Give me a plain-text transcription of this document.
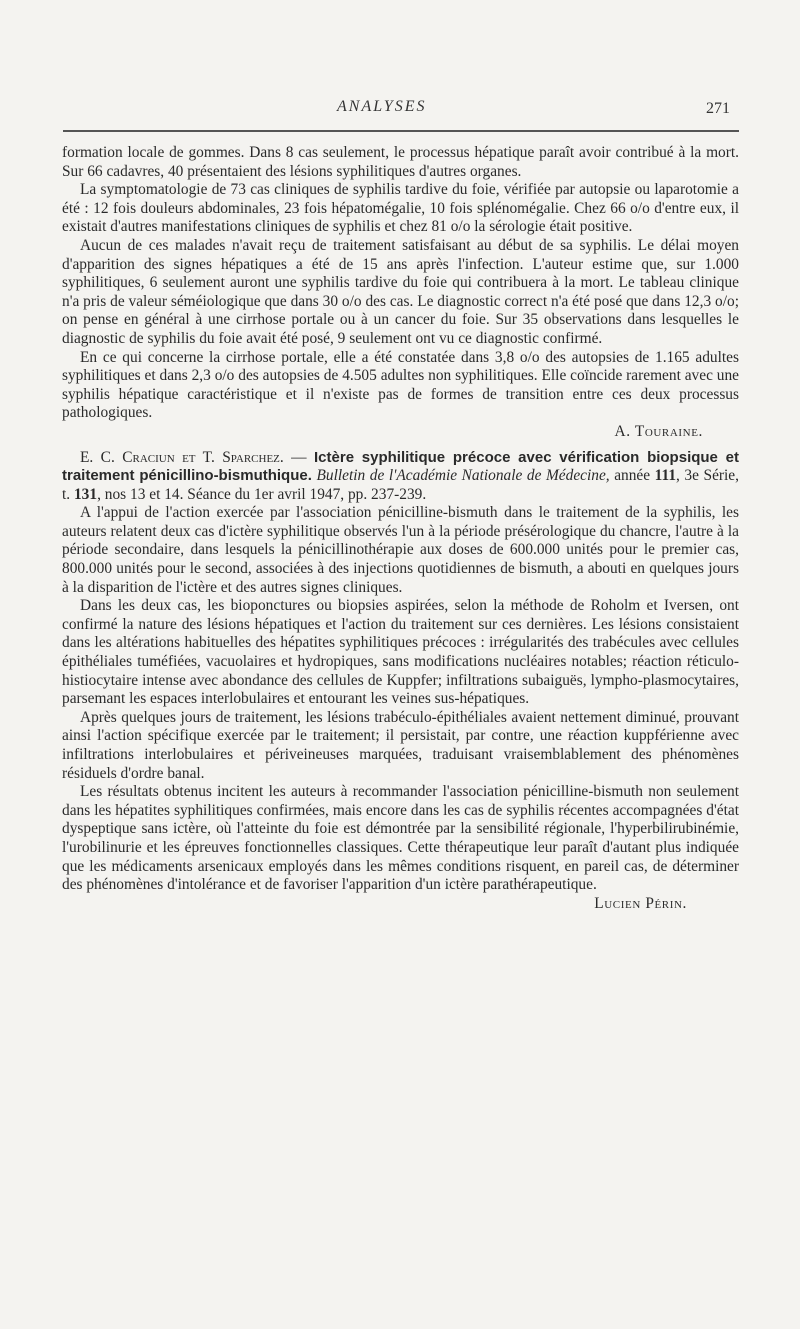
ANALYSES	271

formation locale de gommes. Dans 8 cas seulement, le processus hépatique paraît avoir contribué à la mort. Sur 66 cadavres, 40 présentaient des lésions syphilitiques d'autres organes.

La symptomatologie de 73 cas cliniques de syphilis tardive du foie, vérifiée par autopsie ou laparotomie a été : 12 fois douleurs abdominales, 23 fois hépatomégalie, 10 fois splénomégalie. Chez 66 o/o d'entre eux, il existait d'autres manifestations cliniques de syphilis et chez 81 o/o la sérologie était positive.

Aucun de ces malades n'avait reçu de traitement satisfaisant au début de sa syphilis. Le délai moyen d'apparition des signes hépatiques a été de 15 ans après l'infection. L'auteur estime que, sur 1.000 syphilitiques, 6 seulement auront une syphilis tardive du foie qui contribuera à la mort. Le tableau clinique n'a pris de valeur séméiologique que dans 30 o/o des cas. Le diagnostic correct n'a été posé que dans 12,3 o/o; on pense en général à une cirrhose portale ou à un cancer du foie. Sur 35 observations dans lesquelles le diagnostic de syphilis du foie avait été posé, 9 seulement ont vu ce diagnostic confirmé.

En ce qui concerne la cirrhose portale, elle a été constatée dans 3,8 o/o des autopsies de 1.165 adultes syphilitiques et dans 2,3 o/o des autopsies de 4.505 adultes non syphilitiques. Elle coïncide rarement avec une syphilis hépatique caractéristique et il n'existe pas de formes de transition entre ces deux processus pathologiques.

A. Touraine.

E. C. Craciun et T. Sparchez. — Ictère syphilitique précoce avec vérification biopsique et traitement pénicillino-bismuthique. Bulletin de l'Académie Nationale de Médecine, année 111, 3e Série, t. 131, nos 13 et 14. Séance du 1er avril 1947, pp. 237-239.

A l'appui de l'action exercée par l'association pénicilline-bismuth dans le traitement de la syphilis, les auteurs relatent deux cas d'ictère syphilitique observés l'un à la période présérologique du chancre, l'autre à la période secondaire, dans lesquels la pénicillinothérapie aux doses de 600.000 unités pour le premier cas, 800.000 unités pour le second, associées à des injections quotidiennes de bismuth, a abouti en quelques jours à la disparition de l'ictère et des autres signes cliniques.

Dans les deux cas, les bioponctures ou biopsies aspirées, selon la méthode de Roholm et Iversen, ont confirmé la nature des lésions hépatiques et l'action du traitement sur ces dernières. Les lésions consistaient dans les altérations habituelles des hépatites syphilitiques précoces : irrégularités des trabécules avec cellules épithéliales tuméfiées, vacuolaires et hydropiques, sans modifications nucléaires notables; réaction réticulo-histiocytaire intense avec abondance des cellules de Kuppfer; infiltrations subaiguës, lympho-plasmocytaires, parsemant les espaces interlobulaires et entourant les veines sus-hépatiques.

Après quelques jours de traitement, les lésions trabéculo-épithéliales avaient nettement diminué, prouvant ainsi l'action spécifique exercée par le traitement; il persistait, par contre, une réaction kuppférienne avec infiltrations interlobulaires et périveineuses marquées, traduisant vraisemblablement des phénomènes résiduels d'ordre banal.

Les résultats obtenus incitent les auteurs à recommander l'association pénicilline-bismuth non seulement dans les hépatites syphilitiques confirmées, mais encore dans les cas de syphilis récentes accompagnées d'état dyspeptique sans ictère, où l'atteinte du foie est démontrée par la sensibilité régionale, l'hyperbilirubinémie, l'urobilinurie et les épreuves fonctionnelles classiques. Cette thérapeutique leur paraît d'autant plus indiquée que les médicaments arsenicaux employés dans les mêmes conditions risquent, en pareil cas, de déterminer des phénomènes d'intolérance et de favoriser l'apparition d'un ictère parathérapeutique.

Lucien Périn.
